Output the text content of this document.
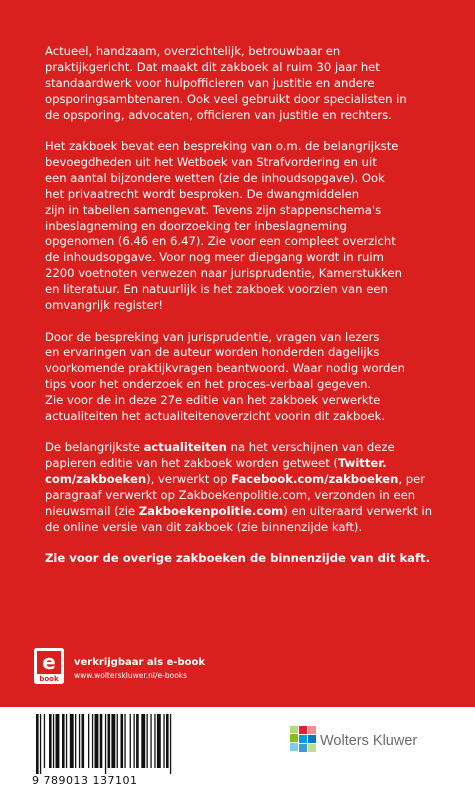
Actueel, handzaam, overzichtelijk, betrouwbaar en
praktijkgericht. Dat maakt dit zakboek al ruim 30 jaar het
standaardwerk voor hulpofficieren van justitie en andere
opsporingsambtenaren. Ook veel gebruikt door specialisten in
de opsporing, advocaten, officieren van justitie en rechters.

Het zakboek bevat een bespreking van o.m. de belangrijkste
bevoegdheden uit het Wetboek van Strafvordering en uit
een aantal bijzondere wetten (zie de inhoudsopgave). Ook
het privaatrecht wordt besproken. De dwangmiddelen
zijn in tabellen samengevat. Tevens zijn stappenschema's
inbeslagneming en doorzoeking ter inbeslagneming
opgenomen (6.46 en 6.47). Zie voor een compleet overzicht
de inhoudsopgave. Voor nog meer diepgang wordt in ruim
2200 voetnoten verwezen naar jurisprudentie, Kamerstukken
en literatuur. En natuurlijk is het zakboek voorzien van een
omvangrijk register!

Door de bespreking van jurisprudentie, vragen van lezers
en ervaringen van de auteur worden honderden dagelijks
voorkomende praktijkvragen beantwoord. Waar nodig worden
tips voor het onderzoek en het proces-verbaal gegeven.
Zie voor de in deze 27e editie van het zakboek verwerkte
actualiteiten het actualiteitenoverzicht voorin dit zakboek.

De belangrijkste actualiteiten na het verschijnen van deze
papieren editie van het zakboek worden getweet (Twitter.
com/zakboeken), verwerkt op Facebook.com/zakboeken, per
paragraaf verwerkt op Zakboekenpolitie.com, verzonden in een
nieuwsmail (zie Zakboekenpolitie.com) en uiteraard verwerkt in
de online versie van dit zakboek (zie binnenzijde kaft).

Zie voor de overige zakboeken de binnenzijde van dit kaft.

e
book
verkrijgbaar als e-book
www.wolterskluwer.nl/e-books
9 789013 137101
Wolters Kluwer
